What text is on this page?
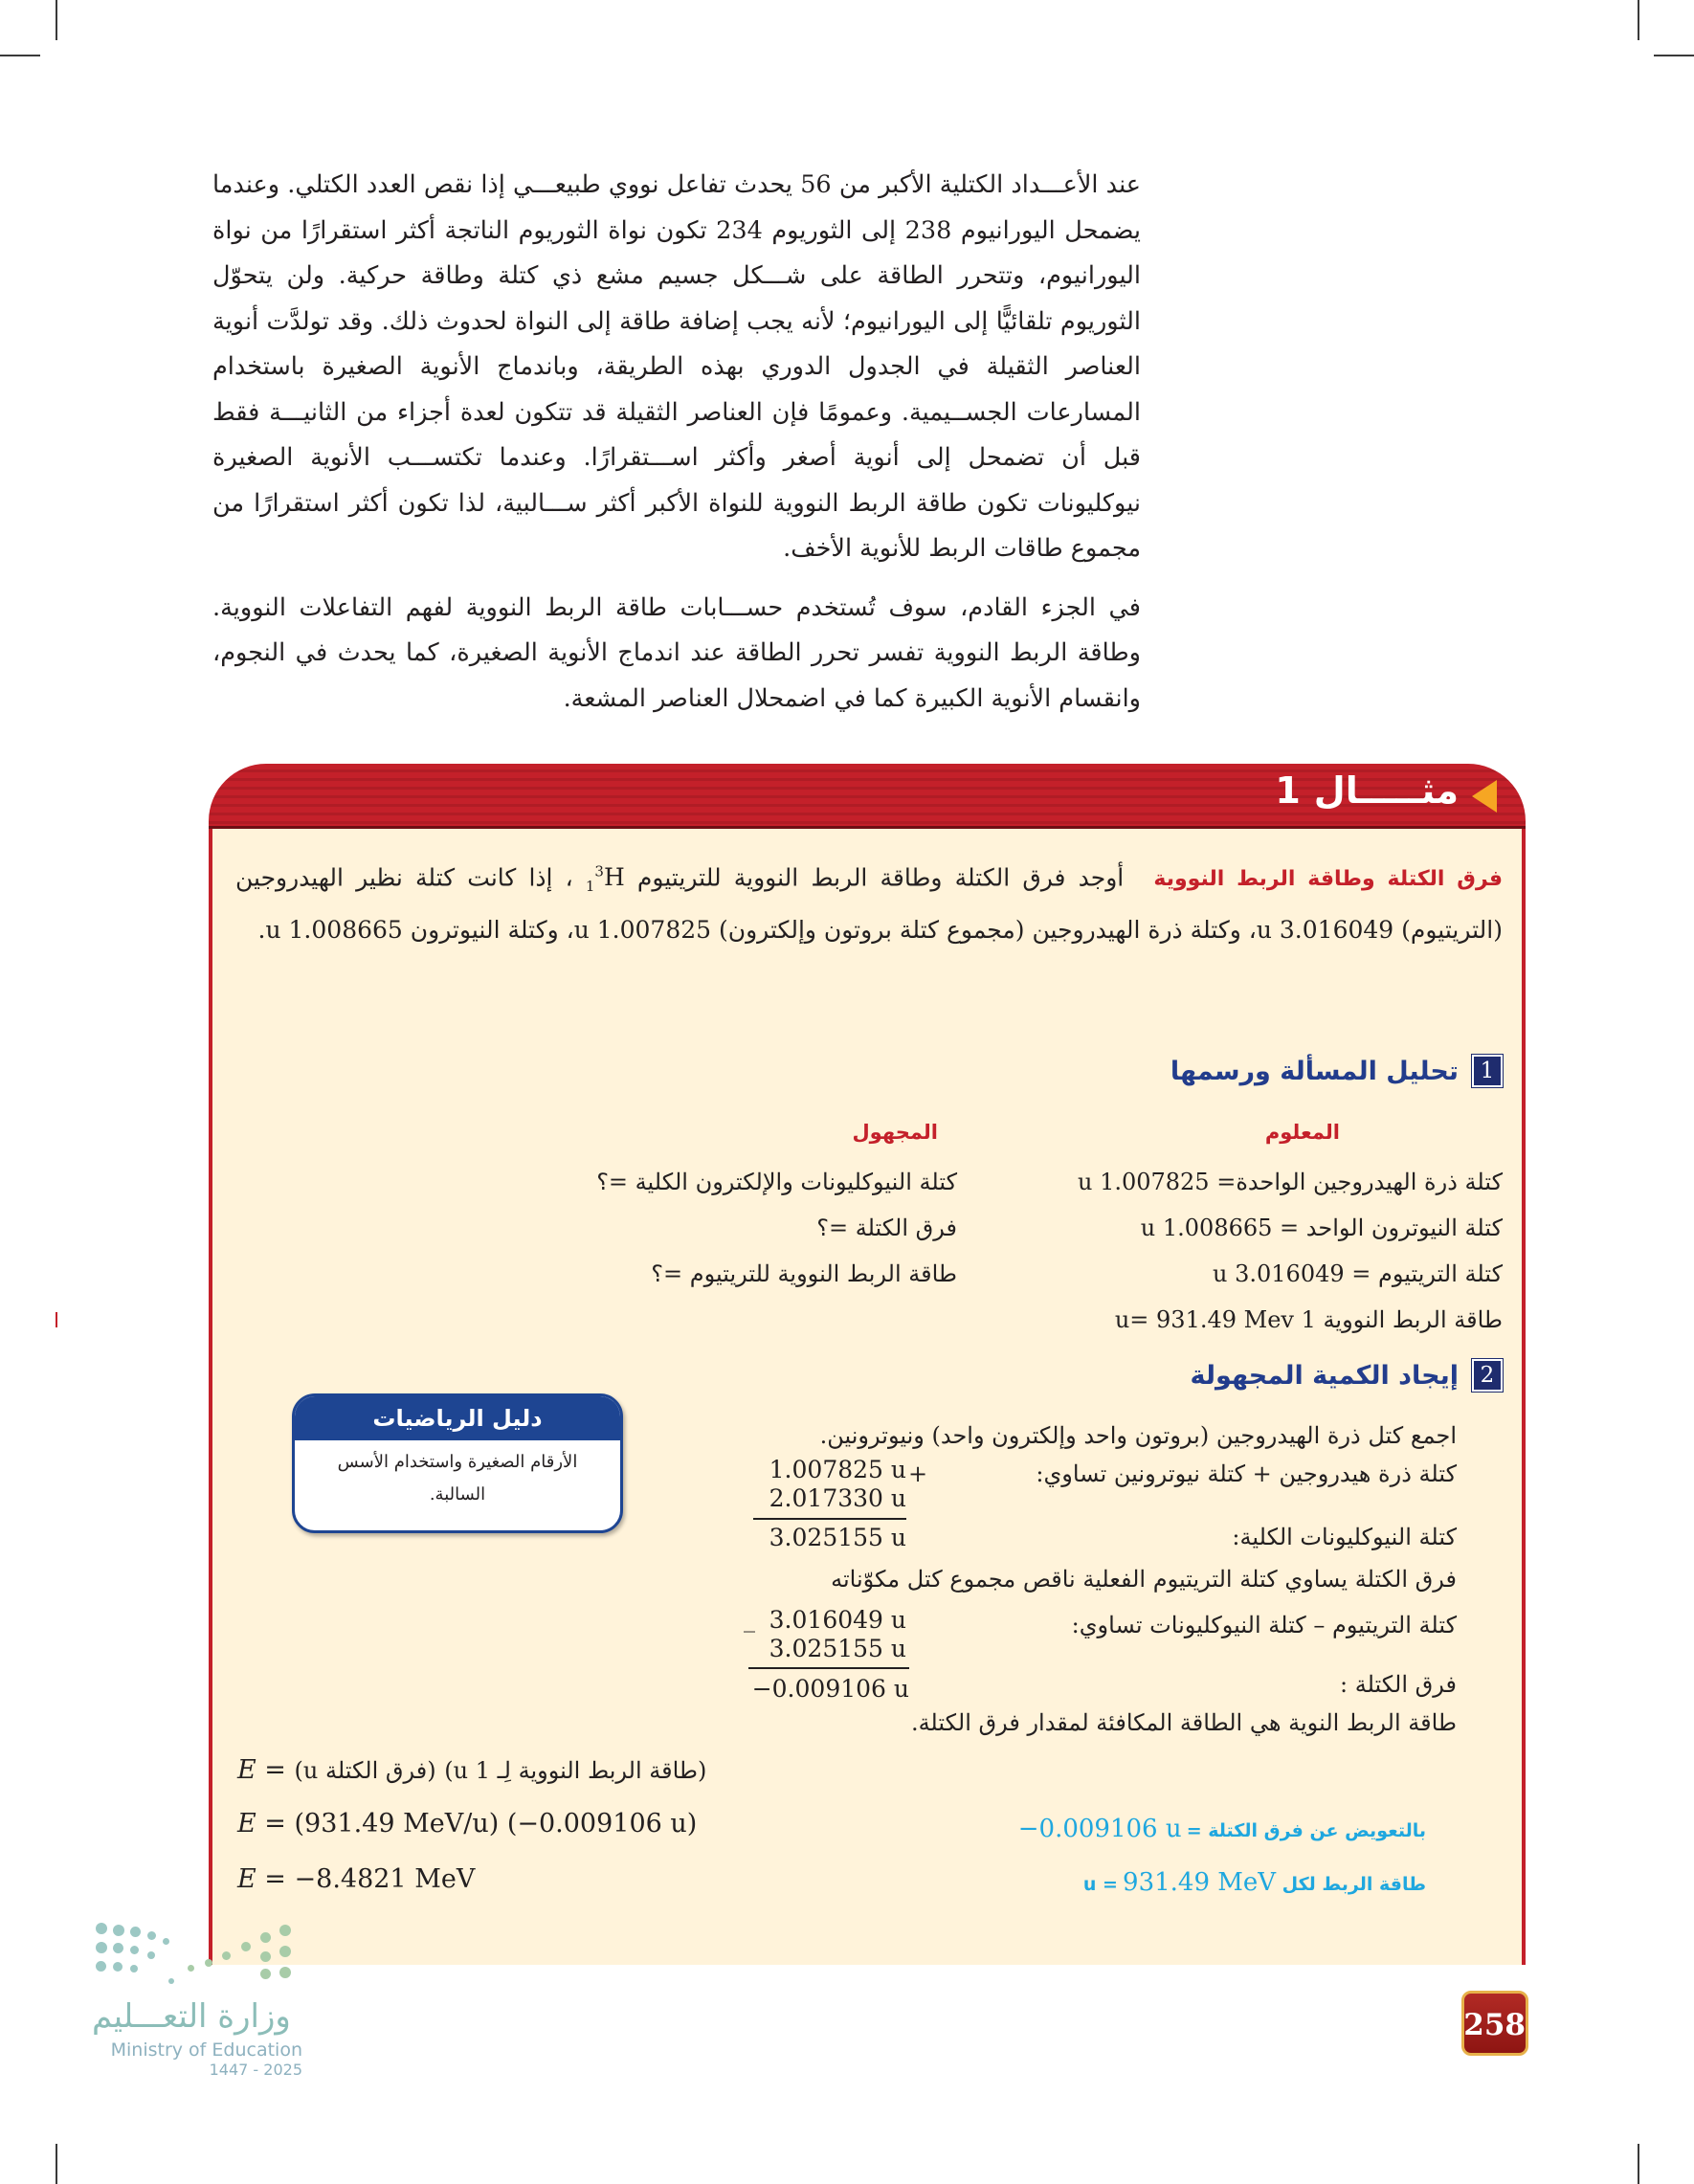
عند الأعـــداد الكتلية الأكبر من 56 يحدث تفاعل نووي طبيعـــي إذا نقص العدد الكتلي. وعندما يضمحل اليورانيوم 238 إلى الثوريوم 234 تكون نواة الثوريوم الناتجة أكثر استقرارًا من نواة اليورانيوم، وتتحرر الطاقة على شـــكل جسيم مشع ذي كتلة وطاقة حركية. ولن يتحوّل الثوريوم تلقائيًّا إلى اليورانيوم؛ لأنه يجب إضافة طاقة إلى النواة لحدوث ذلك. وقد تولدَّت أنوية العناصر الثقيلة في الجدول الدوري بهذه الطريقة، وباندماج الأنوية الصغيرة باستخدام المسارعات الجســيمية. وعمومًا فإن العناصر الثقيلة قد تتكون لعدة أجزاء من الثانيـــة فقط قبل أن تضمحل إلى أنوية أصغر وأكثر اســـتقرارًا. وعندما تكتســـب الأنوية الصغيرة نيوكليونات تكون طاقة الربط النووية للنواة الأكبر أكثر ســـالبية، لذا تكون أكثر استقرارًا من مجموع طاقات الربط للأنوية الأخف.

في الجزء القادم، سوف تُستخدم حســـابات طاقة الربط النووية لفهم التفاعلات النووية. وطاقة الربط النووية تفسر تحرر الطاقة عند اندماج الأنوية الصغيرة، كما يحدث في النجوم، وانقسام الأنوية الكبيرة كما في اضمحلال العناصر المشعة.

مثـــــال1
فرق الكتلة وطاقة الربط النووية أوجد فرق الكتلة وطاقة الربط النووية للتريتيوم $_1^3$H ، إذا كانت كتلة نظير الهيدروجين (التريتيوم) 3.016049 u، وكتلة ذرة الهيدروجين (مجموع كتلة بروتون وإلكترون) 1.007825 u، وكتلة النيوترون 1.008665 u.
1
تحليل المسألة ورسمها
المعلوم
المجهول
كتلة ذرة الهيدروجين الواحدة= 1.007825 u
كتلة النيوترون الواحد = 1.008665 u
كتلة التريتيوم = 3.016049 u
طاقة الربط النووية 1 u= 931.49 Mev
كتلة النيوكليونات والإلكترون الكلية =؟
فرق الكتلة =؟
طاقة الربط النووية للتريتيوم =؟
2
إيجاد الكمية المجهولة
دليل الرياضيات
الأرقام الصغيرة واستخدام الأسس السالبة.
اجمع كتل ذرة الهيدروجين (بروتون واحد وإلكترون واحد) ونيوترونين.
كتلة ذرة هيدروجين + كتلة نيوترونين تساوي:
1.007825 u
2.017330 u
+
3.025155 u	كتلة النيوكليونات الكلية:
فرق الكتلة يساوي كتلة التريتيوم الفعلية ناقص مجموع كتل مكوّناته
كتلة التريتيوم – كتلة النيوكليونات تساوي:
3.016049 u
3.025155 u
_
فرق الكتلة :
−0.009106 u
طاقة الربط النوية هي الطاقة المكافئة لمقدار فرق الكتلة.
E =	(طاقة الربط النووية لِـ 1 u) (فرق الكتلة u)
E = (931.49 MeV/u) (−0.009106 u)
E = −8.4821 MeV
بالتعويض عن فرق الكتلة = −0.009106 u
طاقة الربط لكل u = 931.49 MeV
وزارة التعـــليم
Ministry of Education
2025 - 1447
258
